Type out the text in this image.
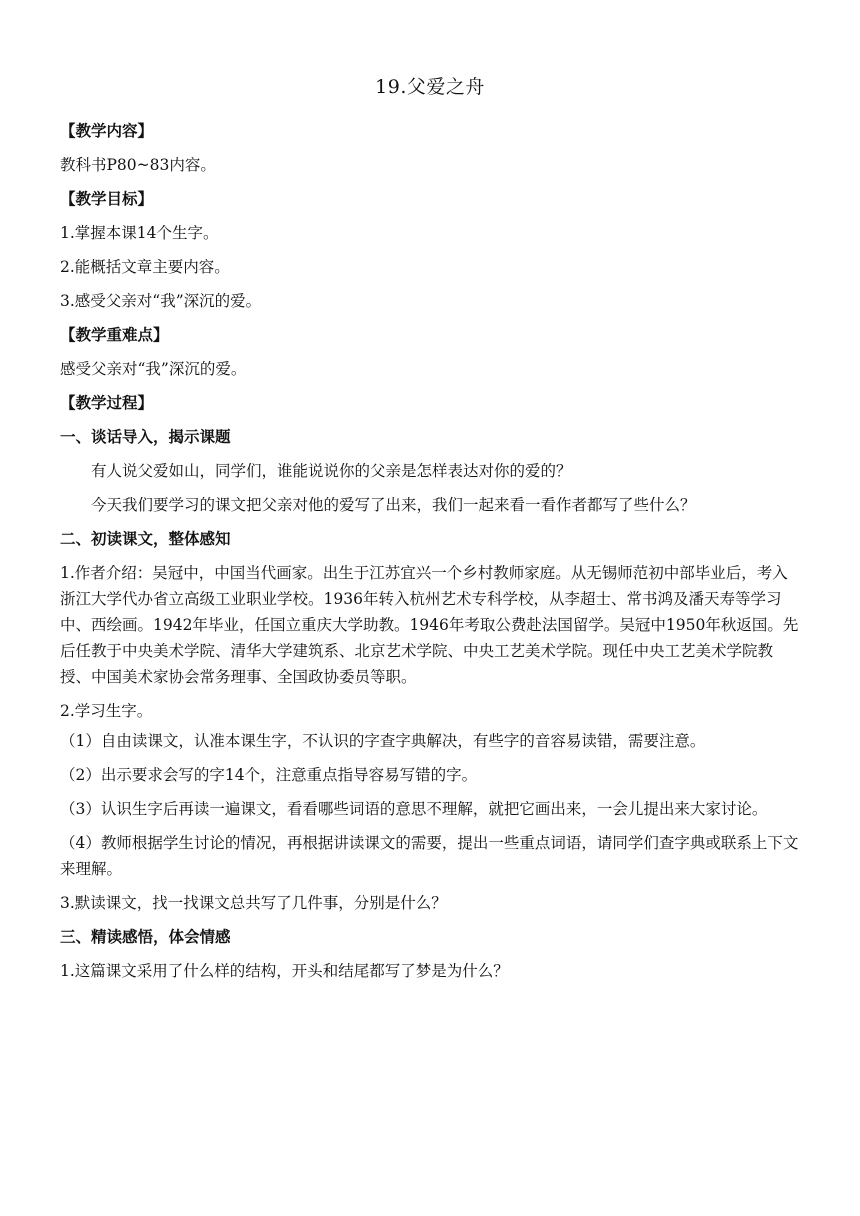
19.父爱之舟

【教学内容】

教科书P80~83内容。

【教学目标】

1.掌握本课14个生字。

2.能概括文章主要内容。

3.感受父亲对“我”深沉的爱。

【教学重难点】

感受父亲对“我”深沉的爱。

【教学过程】

一、谈话导入，揭示课题

有人说父爱如山，同学们，谁能说说你的父亲是怎样表达对你的爱的？

今天我们要学习的课文把父亲对他的爱写了出来，我们一起来看一看作者都写了些什么？

二、初读课文，整体感知

1.作者介绍：吴冠中，中国当代画家。出生于江苏宜兴一个乡村教师家庭。从无锡师范初中部毕业后，考入浙江大学代办省立高级工业职业学校。1936年转入杭州艺术专科学校，从李超士、常书鸿及潘天寿等学习中、西绘画。1942年毕业，任国立重庆大学助教。1946年考取公费赴法国留学。吴冠中1950年秋返国。先后任教于中央美术学院、清华大学建筑系、北京艺术学院、中央工艺美术学院。现任中央工艺美术学院教授、中国美术家协会常务理事、全国政协委员等职。

2.学习生字。

（1）自由读课文，认准本课生字，不认识的字查字典解决，有些字的音容易读错，需要注意。

（2）出示要求会写的字14个，注意重点指导容易写错的字。

（3）认识生字后再读一遍课文，看看哪些词语的意思不理解，就把它画出来，一会儿提出来大家讨论。

（4）教师根据学生讨论的情况，再根据讲读课文的需要，提出一些重点词语，请同学们查字典或联系上下文来理解。

3.默读课文，找一找课文总共写了几件事，分别是什么？

三、精读感悟，体会情感

1.这篇课文采用了什么样的结构，开头和结尾都写了梦是为什么？
